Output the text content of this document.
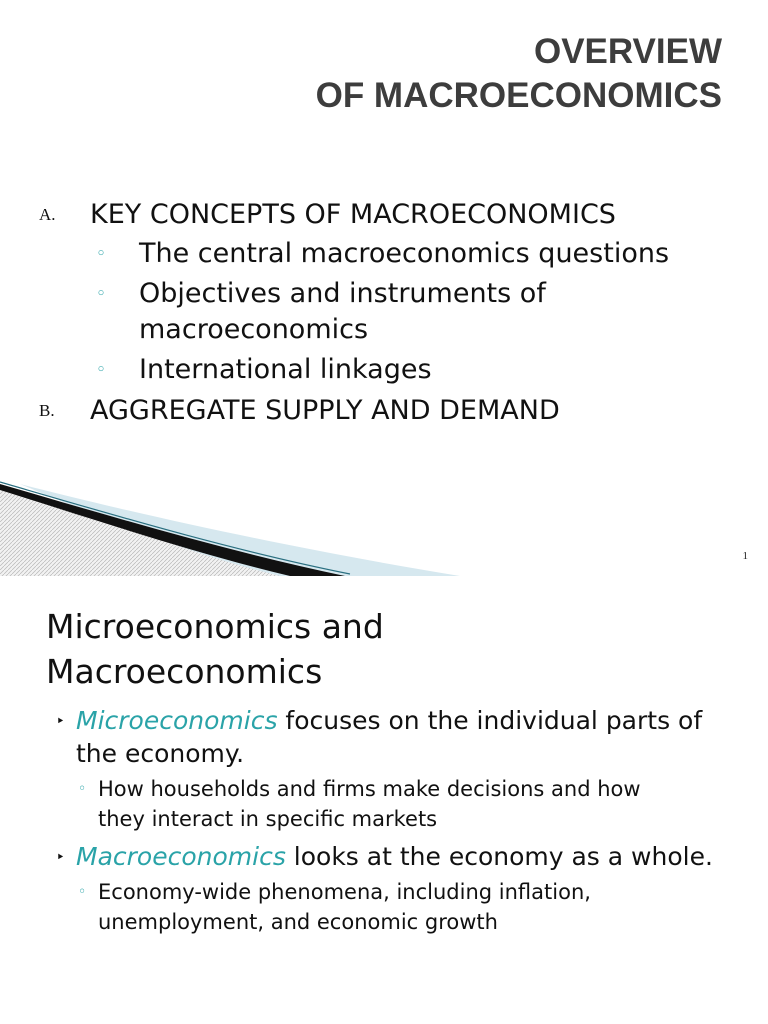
OVERVIEW
OF MACROECONOMICS
A. KEY CONCEPTS OF MACROECONOMICS
◦ The central macroeconomics questions
◦ Objectives and instruments of macroeconomics
◦ International linkages
B. AGGREGATE SUPPLY AND DEMAND
1
Microeconomics and
Macroeconomics
‣ Microeconomics focuses on the individual parts of the economy.
◦ How households and firms make decisions and how they interact in specific markets
‣ Macroeconomics looks at the economy as a whole.
◦ Economy-wide phenomena, including inflation, unemployment, and economic growth
